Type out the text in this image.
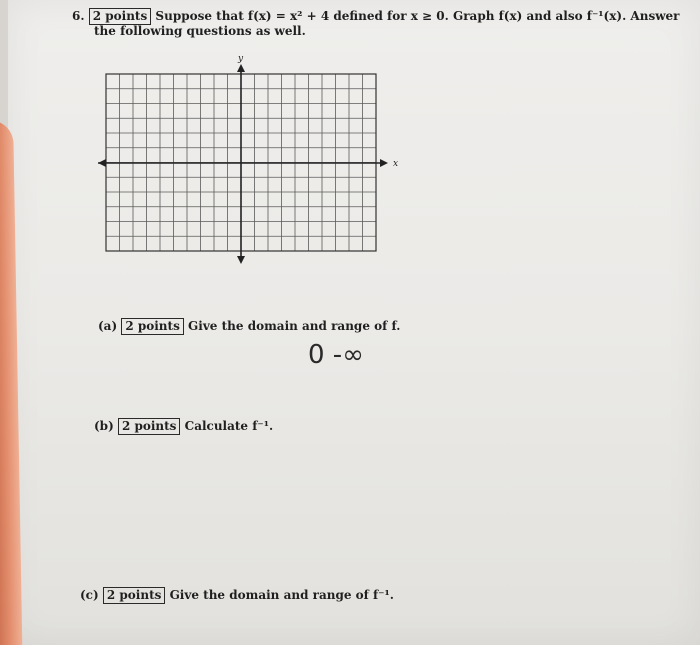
6. 2 points Suppose that f(x) = x² + 4 defined for x ≥ 0. Graph f(x) and also f⁻¹(x). Answer
the following questions as well.
y
x
(a) 2 points Give the domain and range of f.
0 -∞
(b) 2 points Calculate f⁻¹.
(c) 2 points Give the domain and range of f⁻¹.
